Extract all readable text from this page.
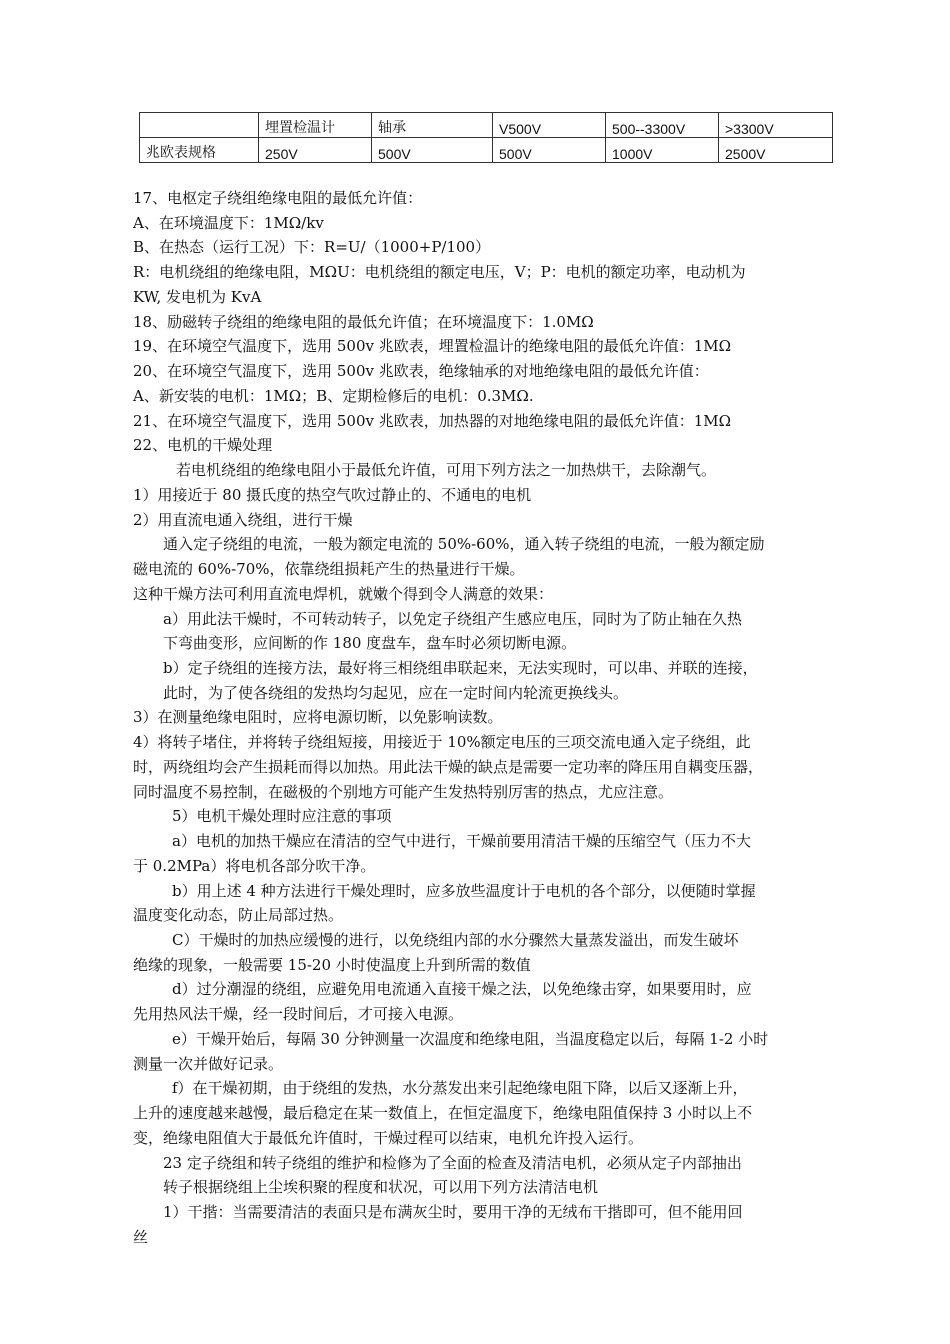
	埋置检温计	轴承	V500V	500--3300V	˃3300V
兆欧表规格	250V	500V	500V	1000V	2500V
17、电枢定子绕组绝缘电阻的最低允许值：
A、在环境温度下：1MΩ/kv
B、在热态（运行工况）下：R=U/（1000+P/100）
R：电机绕组的绝缘电阻，MΩU：电机绕组的额定电压，V；P：电机的额定功率，电动机为
KW, 发电机为 KvA
18、励磁转子绕组的绝缘电阻的最低允许值；在环境温度下：1.0MΩ
19、在环境空气温度下，选用 500v 兆欧表，埋置检温计的绝缘电阻的最低允许值：1MΩ
20、在环境空气温度下，选用 500v 兆欧表，绝缘轴承的对地绝缘电阻的最低允许值：
A、新安装的电机：1MΩ；B、定期检修后的电机：0.3MΩ.
21、在环境空气温度下，选用 500v 兆欧表，加热器的对地绝缘电阻的最低允许值：1MΩ
22、电机的干燥处理
若电机绕组的绝缘电阻小于最低允许值，可用下列方法之一加热烘干，去除潮气。
1）用接近于 80 摄氏度的热空气吹过静止的、不通电的电机
2）用直流电通入绕组，进行干燥
通入定子绕组的电流，一般为额定电流的 50%-60%，通入转子绕组的电流，一般为额定励
磁电流的 60%-70%，依靠绕组损耗产生的热量进行干燥。
这种干燥方法可利用直流电焊机，就嫩个得到令人满意的效果：
a）用此法干燥时，不可转动转子，以免定子绕组产生感应电压，同时为了防止轴在久热
下弯曲变形，应间断的作 180 度盘车，盘车时必须切断电源。
b）定子绕组的连接方法，最好将三相绕组串联起来，无法实现时，可以串、并联的连接，
此时，为了使各绕组的发热均匀起见，应在一定时间内轮流更换线头。
3）在测量绝缘电阻时，应将电源切断，以免影响读数。
4）将转子堵住，并将转子绕组短接，用接近于 10%额定电压的三项交流电通入定子绕组，此
时，两绕组均会产生损耗而得以加热。用此法干燥的缺点是需要一定功率的降压用自耦变压器，
同时温度不易控制，在磁极的个别地方可能产生发热特别厉害的热点，尤应注意。
5）电机干燥处理时应注意的事项
a）电机的加热干燥应在清洁的空气中进行，干燥前要用清洁干燥的压缩空气（压力不大
于 0.2MPa）将电机各部分吹干净。
b）用上述 4 种方法进行干燥处理时，应多放些温度计于电机的各个部分，以便随时掌握
温度变化动态，防止局部过热。
C）干燥时的加热应缓慢的进行，以免绕组内部的水分骤然大量蒸发溢出，而发生破坏
绝缘的现象，一般需要 15-20 小时使温度上升到所需的数值
d）过分潮湿的绕组，应避免用电流通入直接干燥之法，以免绝缘击穿，如果要用时，应
先用热风法干燥，经一段时间后，才可接入电源。
e）干燥开始后，每隔 30 分钟测量一次温度和绝缘电阻，当温度稳定以后，每隔 1-2 小时
测量一次并做好记录。
f）在干燥初期，由于绕组的发热，水分蒸发出来引起绝缘电阻下降，以后又逐渐上升，
上升的速度越来越慢，最后稳定在某一数值上，在恒定温度下，绝缘电阻值保持 3 小时以上不
变，绝缘电阻值大于最低允许值时，干燥过程可以结束，电机允许投入运行。
23 定子绕组和转子绕组的维护和检修为了全面的检查及清洁电机，必须从定子内部抽出
转子根据绕组上尘埃积聚的程度和状况，可以用下列方法清洁电机
1）干揩：当需要清洁的表面只是布满灰尘时，要用干净的无绒布干揩即可，但不能用回
丝
